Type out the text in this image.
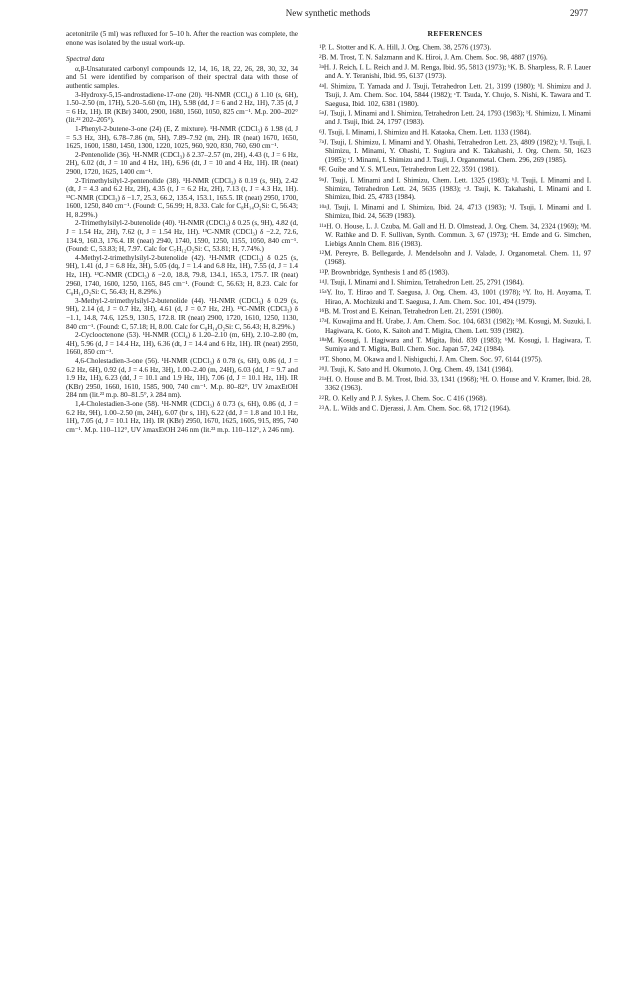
New synthetic methods	2977

acetonitrile (5 ml) was refluxed for 5–10 h. After the reaction was complete, the enone was isolated by the usual work-up.

Spectral data

α,β-Unsaturated carbonyl compounds 12, 14, 16, 18, 22, 26, 28, 30, 32, 34 and 51 were identified by comparison of their spectral data with those of authentic samples.

3-Hydroxy-5,15-androstadiene-17-one (20). ¹H-NMR (CCl₄) δ 1.10 (s, 6H), 1.50–2.50 (m, 17H), 5.20–5.60 (m, 1H), 5.98 (dd, J = 6 and 2 Hz, 1H), 7.35 (d, J = 6 Hz, 1H). IR (KBr) 3400, 2900, 1680, 1560, 1050, 825 cm⁻¹. M.p. 200–202° (lit.²² 202–205°).

1-Phenyl-2-butene-3-one (24) (E, Z mixture). ¹H-NMR (CDCl₃) δ 1.98 (d, J = 5.3 Hz, 3H), 6.78–7.86 (m, 5H), 7.89–7.92 (m, 2H). IR (neat) 1670, 1650, 1625, 1600, 1580, 1450, 1300, 1220, 1025, 960, 920, 830, 760, 690 cm⁻¹.

2-Pentenolide (36). ¹H-NMR (CDCl₃) δ 2.37–2.57 (m, 2H), 4.43 (t, J = 6 Hz, 2H), 6.02 (dt, J = 10 and 4 Hz, 1H), 6.96 (dt, J = 10 and 4 Hz, 1H). IR (neat) 2900, 1720, 1625, 1400 cm⁻¹.

2-Trimethylsilyl-2-pentenolide (38). ¹H-NMR (CDCl₃) δ 0.19 (s, 9H), 2.42 (dt, J = 4.3 and 6.2 Hz, 2H), 4.35 (t, J = 6.2 Hz, 2H), 7.13 (t, J = 4.3 Hz, 1H). ¹³C-NMR (CDCl₃) δ −1.7, 25.3, 66.2, 135.4, 153.1, 165.5. IR (neat) 2950, 1700, 1600, 1250, 840 cm⁻¹. (Found: C, 56.99; H, 8.33. Calc for C₈H₁₄O₂Si: C, 56.43; H, 8.29%.)

2-Trimethylsilyl-2-butenolide (40). ¹H-NMR (CDCl₃) δ 0.25 (s, 9H), 4.82 (d, J = 1.54 Hz, 2H), 7.62 (t, J = 1.54 Hz, 1H). ¹³C-NMR (CDCl₃) δ −2.2, 72.6, 134.9, 160.3, 176.4. IR (neat) 2940, 1740, 1590, 1250, 1155, 1050, 840 cm⁻¹. (Found: C, 53.83; H, 7.97. Calc for C₇H₁₂O₂Si: C, 53.81; H, 7.74%.)

4-Methyl-2-trimethylsilyl-2-butenolide (42). ¹H-NMR (CDCl₃) δ 0.25 (s, 9H), 1.41 (d, J = 6.8 Hz, 3H), 5.05 (dq, J = 1.4 and 6.8 Hz, 1H), 7.55 (d, J = 1.4 Hz, 1H). ¹³C-NMR (CDCl₃) δ −2.0, 18.8, 79.8, 134.1, 165.3, 175.7. IR (neat) 2960, 1740, 1600, 1250, 1165, 845 cm⁻¹. (Found: C, 56.63; H, 8.23. Calc for C₈H₁₄O₂Si: C, 56.43; H, 8.29%.)

3-Methyl-2-trimethylsilyl-2-butenolide (44). ¹H-NMR (CDCl₃) δ 0.29 (s, 9H), 2.14 (d, J = 0.7 Hz, 3H), 4.61 (d, J = 0.7 Hz, 2H). ¹³C-NMR (CDCl₃) δ −1.1, 14.8, 74.6, 125.9, 130.5, 172.8. IR (neat) 2900, 1720, 1610, 1250, 1130, 840 cm⁻¹. (Found: C, 57.18; H, 8.00. Calc for C₈H₁₄O₂Si: C, 56.43; H, 8.29%.)

2-Cyclooctenone (53). ¹H-NMR (CCl₄) δ 1.20–2.10 (m, 6H), 2.10–2.80 (m, 4H), 5.96 (d, J = 14.4 Hz, 1H), 6.36 (dt, J = 14.4 and 6 Hz, 1H). IR (neat) 2950, 1660, 850 cm⁻¹.

4,6-Cholestadien-3-one (56). ¹H-NMR (CDCl₃) δ 0.78 (s, 6H), 0.86 (d, J = 6.2 Hz, 6H), 0.92 (d, J = 4.6 Hz, 3H), 1.00–2.40 (m, 24H), 6.03 (dd, J = 9.7 and 1.9 Hz, 1H), 6.23 (dd, J = 10.1 and 1.9 Hz, 1H), 7.06 (d, J = 10.1 Hz, 1H). IR (KBr) 2950, 1660, 1610, 1585, 900, 740 cm⁻¹. M.p. 80–82°, UV λmaxEtOH 284 nm (lit.²³ m.p. 80–81.5°, λ 284 nm).

1,4-Cholestadien-3-one (58). ¹H-NMR (CDCl₃) δ 0.73 (s, 6H), 0.86 (d, J = 6.2 Hz, 9H), 1.00–2.50 (m, 24H), 6.07 (br s, 1H), 6.22 (dd, J = 1.8 and 10.1 Hz, 1H), 7.05 (d, J = 10.1 Hz, 1H). IR (KBr) 2950, 1670, 1625, 1605, 915, 895, 740 cm⁻¹. M.p. 110–112°, UV λmaxEtOH 246 nm (lit.²³ m.p. 110–112°, λ 246 nm).

REFERENCES

$^1$P. L. Stotter and K. A. Hill, J. Org. Chem. 38, 2576 (1973).

$^2$B. M. Trost, T. N. Salzmann and K. Hiroi, J. Am. Chem. Soc. 98, 4887 (1976).

$^{3a}$H. J. Reich, I. L. Reich and J. M. Renga, Ibid. 95, 5813 (1973); ᵇK. B. Sharpless, R. F. Lauer and A. Y. Teranishi, Ibid. 95, 6137 (1973).

$^{4a}$I. Shimizu, T. Yamada and J. Tsuji, Tetrahedron Lett. 21, 3199 (1980); ᵇI. Shimizu and J. Tsuji, J. Am. Chem. Soc. 104, 5844 (1982); ᶜT. Tsuda, Y. Chujo, S. Nishi, K. Tawara and T. Saegusa, Ibid. 102, 6381 (1980).

$^{5a}$J. Tsuji, I. Minami and I. Shimizu, Tetrahedron Lett. 24, 1793 (1983); ᵇI. Shimizu, I. Minami and J. Tsuji, Ibid. 24, 1797 (1983).

$^6$J. Tsuji, I. Minami, I. Shimizu and H. Kataoka, Chem. Lett. 1133 (1984).

$^{7a}$J. Tsuji, I. Shimizu, I. Minami and Y. Ohashi, Tetrahedron Lett. 23, 4809 (1982); ᵇJ. Tsuji, I. Shimizu, I. Minami, Y. Ohashi, T. Sugiura and K. Takahashi, J. Org. Chem. 50, 1623 (1985); ᶜJ. Minami, I. Shimizu and J. Tsuji, J. Organometal. Chem. 296, 269 (1985).

$^8$F. Guibe and Y. S. M'Leux, Tetrahedron Lett 22, 3591 (1981).

$^{9a}$J. Tsuji, I. Minami and I. Shimizu, Chem. Lett. 1325 (1983); ᵇJ. Tsuji, I. Minami and I. Shimizu, Tetrahedron Lett. 24, 5635 (1983); ᶜJ. Tsuji, K. Takahashi, I. Minami and I. Shimizu, Ibid. 25, 4783 (1984).

$^{10a}$J. Tsuji, I. Minami and I. Shimizu, Ibid. 24, 4713 (1983); ᵇJ. Tsuji, I. Minami and I. Shimizu, Ibid. 24, 5639 (1983).

$^{11a}$H. O. House, L. J. Czuba, M. Gall and H. D. Olmstead, J. Org. Chem. 34, 2324 (1969); ᵇM. W. Rathke and D. F. Sullivan, Synth. Commun. 3, 67 (1973); ᶜH. Emde and G. Simchen, Liebigs Annln Chem. 816 (1983).

$^{12}$M. Pereyre, B. Bellegarde, J. Mendelsohn and J. Valade, J. Organometal. Chem. 11, 97 (1968).

$^{13}$P. Brownbridge, Synthesis 1 and 85 (1983).

$^{14}$J. Tsuji, I. Minami and I. Shimizu, Tetrahedron Lett. 25, 2791 (1984).

$^{15a}$Y. Ito, T. Hirao and T. Saegusa, J. Org. Chem. 43, 1001 (1978); ᵇY. Ito, H. Aoyama, T. Hirao, A. Mochizuki and T. Saegusa, J. Am. Chem. Soc. 101, 494 (1979).

$^{16}$B. M. Trost and E. Keinan, Tetrahedron Lett. 21, 2591 (1980).

$^{17a}$I. Kuwajima and H. Urabe, J. Am. Chem. Soc. 104, 6831 (1982); ᵇM. Kosugi, M. Suzuki, I. Hagiwara, K. Goto, K. Saitoh and T. Migita, Chem. Lett. 939 (1982).

$^{18a}$M. Kosugi, I. Hagiwara and T. Migita, Ibid. 839 (1983); ᵇM. Kosugi, I. Hagiwara, T. Sumiya and T. Migita, Bull. Chem. Soc. Japan 57, 242 (1984).

$^{19}$T. Shono, M. Okawa and I. Nishiguchi, J. Am. Chem. Soc. 97, 6144 (1975).

$^{20}$J. Tsuji, K. Sato and H. Okumoto, J. Org. Chem. 49, 1341 (1984).

$^{21a}$H. O. House and B. M. Trost, Ibid. 33, 1341 (1968); ᵇH. O. House and V. Kramer, Ibid. 28, 3362 (1963).

$^{22}$R. O. Kelly and P. J. Sykes, J. Chem. Soc. C 416 (1968).

$^{23}$A. L. Wilds and C. Djerassi, J. Am. Chem. Soc. 68, 1712 (1964).
